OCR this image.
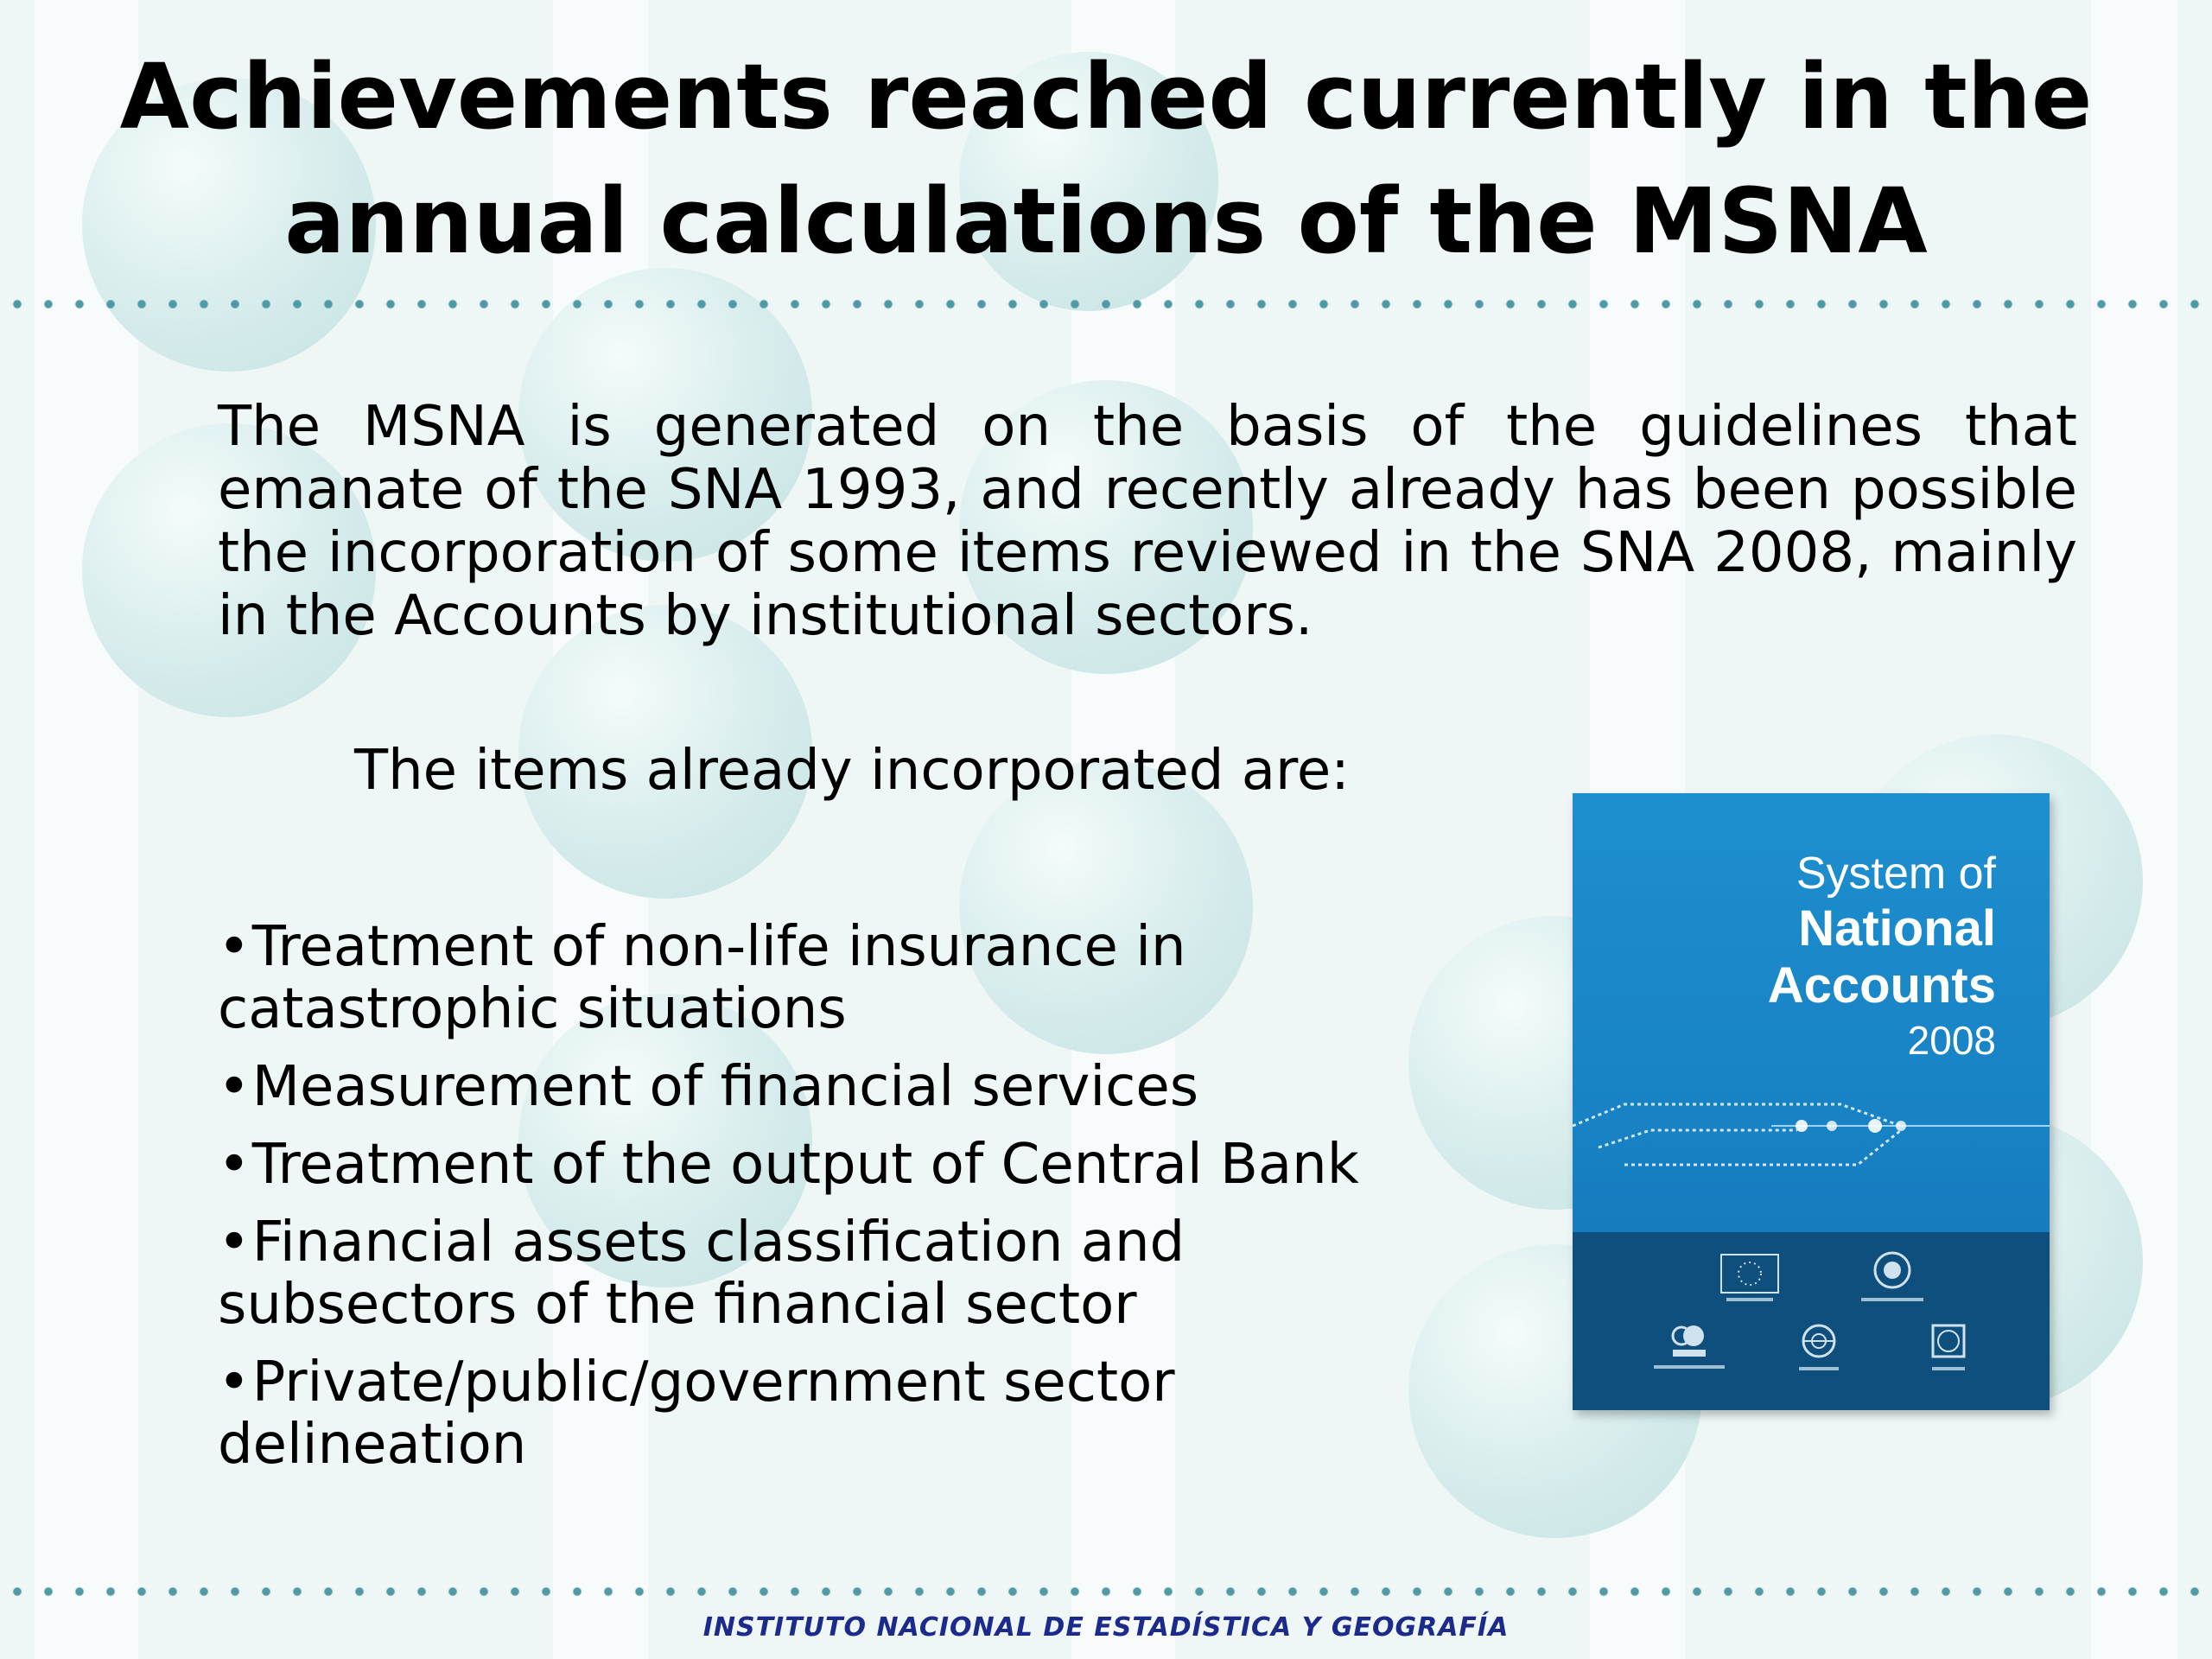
Achievements reached currently in the
annual calculations of the MSNA

The MSNA is generated on the basis of the guidelines that emanate of the SNA 1993, and recently already has been possible the incorporation of some items reviewed in the SNA 2008, mainly in the Accounts by institutional sectors.

The items already incorporated are:

•Treatment of non-life insurance in catastrophic situations
•Measurement of financial services
•Treatment of the output of Central Bank
•Financial assets classification and subsectors of the financial sector
•Private/public/government sector delineation
System of
National
Accounts
2008

INSTITUTO NACIONAL DE ESTADÍSTICA Y GEOGRAFÍA
